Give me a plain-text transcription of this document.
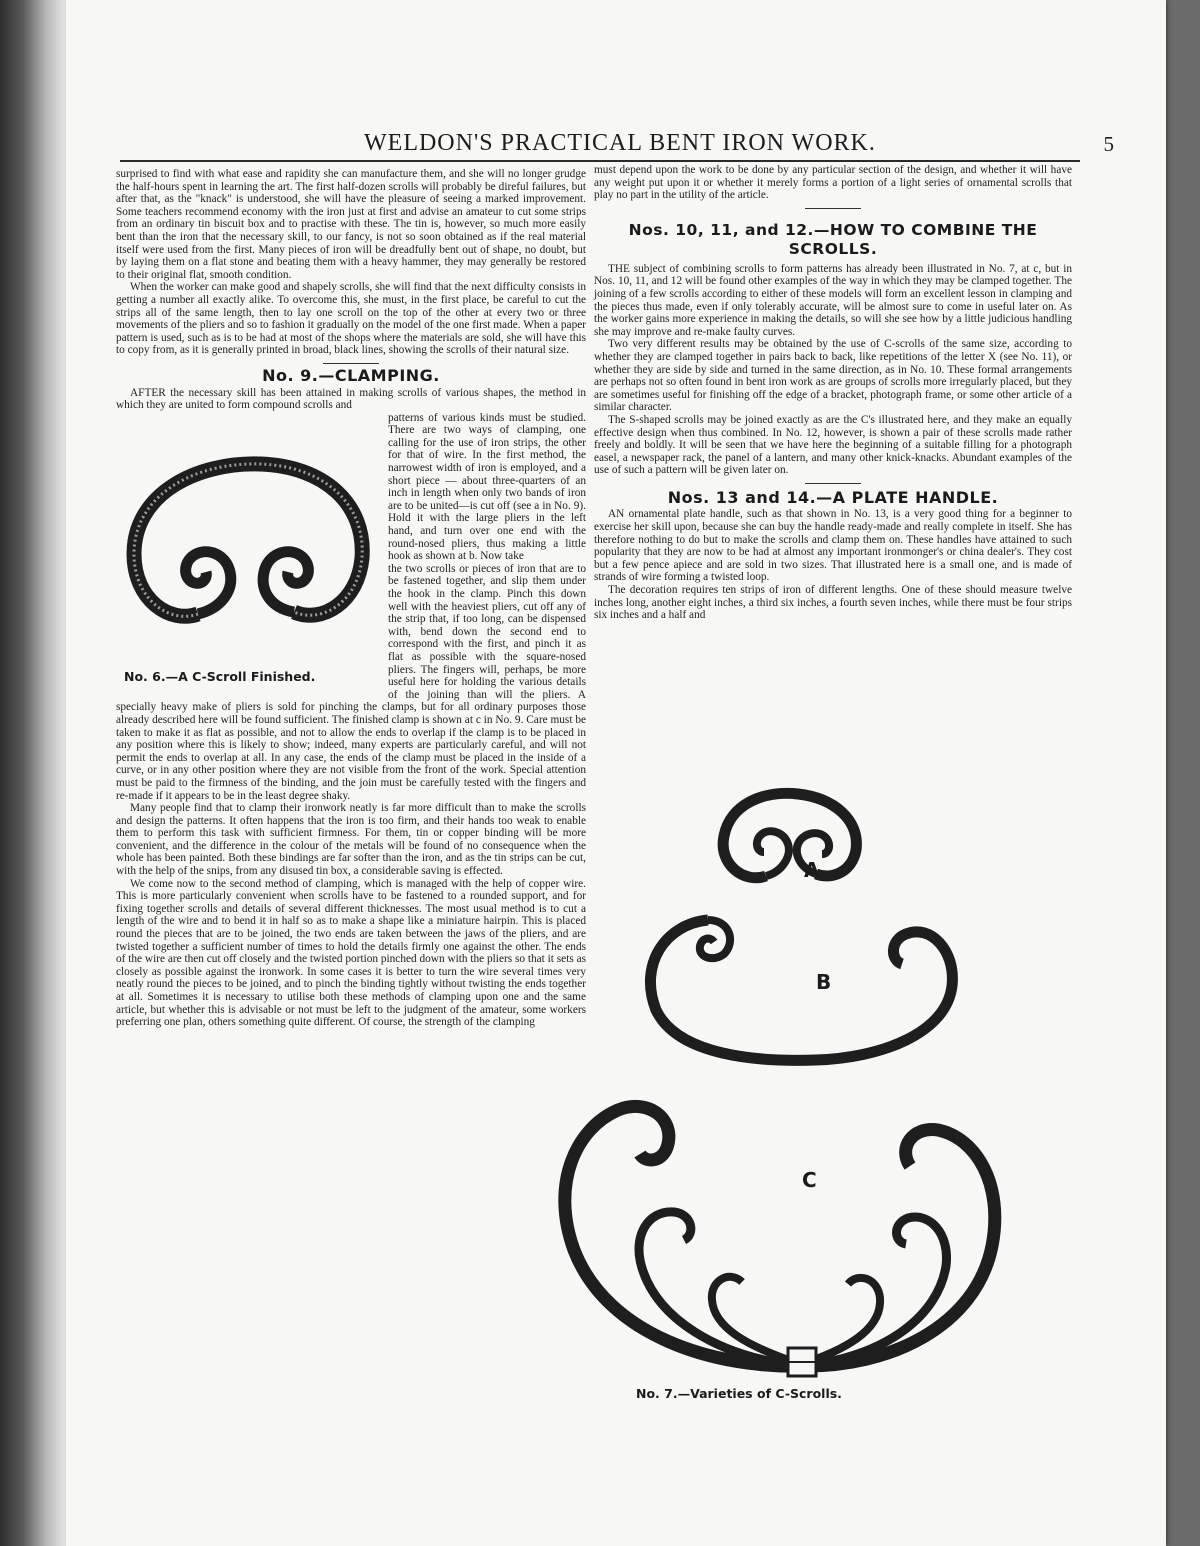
WELDON'S PRACTICAL BENT IRON WORK.	5

surprised to find with what ease and rapidity she can manufacture them, and she will no longer grudge the half-hours spent in learning the art. The first half-dozen scrolls will probably be direful failures, but after that, as the "knack" is understood, she will have the pleasure of seeing a marked improvement. Some teachers recommend economy with the iron just at first and advise an amateur to cut some strips from an ordinary tin biscuit box and to practise with these. The tin is, however, so much more easily bent than the iron that the necessary skill, to our fancy, is not so soon obtained as if the real material itself were used from the first. Many pieces of iron will be dreadfully bent out of shape, no doubt, but by laying them on a flat stone and beating them with a heavy hammer, they may generally be restored to their original flat, smooth condition.

When the worker can make good and shapely scrolls, she will find that the next difficulty consists in getting a number all exactly alike. To overcome this, she must, in the first place, be careful to cut the strips all of the same length, then to lay one scroll on the top of the other at every two or three movements of the pliers and so to fashion it gradually on the model of the one first made. When a paper pattern is used, such as is to be had at most of the shops where the materials are sold, she will have this to copy from, as it is generally printed in broad, black lines, showing the scrolls of their natural size.

No. 9.—CLAMPING.

AFTER the necessary skill has been attained in making scrolls of various shapes, the method in which they are united to form compound scrolls and

No. 6.—A C-Scroll Finished.

patterns of various kinds must be studied. There are two ways of clamping, one calling for the use of iron strips, the other for that of wire. In the first method, the narrowest width of iron is employed, and a short piece — about three-quarters of an inch in length when only two bands of iron are to be united—is cut off (see a in No. 9). Hold it with the large pliers in the left hand, and turn over one end with the round-nosed pliers, thus making a little hook as shown at b. Now take

the two scrolls or pieces of iron that are to be fastened together, and slip them under the hook in the clamp. Pinch this down well with the heaviest pliers, cut off any of the strip that, if too long, can be dispensed with, bend down the second end to correspond with the first, and pinch it as flat as possible with the square-nosed pliers. The fingers will, perhaps, be more useful here for holding the various details of the joining than will the pliers. A specially heavy make of pliers is sold for pinching the clamps, but for all ordinary purposes those already described here will be found sufficient. The finished clamp is shown at c in No. 9. Care must be taken to make it as flat as possible, and not to allow the ends to overlap if the clamp is to be placed in any position where this is likely to show; indeed, many experts are particularly careful, and will not permit the ends to overlap at all. In any case, the ends of the clamp must be placed in the inside of a curve, or in any other position where they are not visible from the front of the work. Special attention must be paid to the firmness of the binding, and the join must be carefully tested with the fingers and re-made if it appears to be in the least degree shaky.

Many people find that to clamp their ironwork neatly is far more difficult than to make the scrolls and design the patterns. It often happens that the iron is too firm, and their hands too weak to enable them to perform this task with sufficient firmness. For them, tin or copper binding will be more convenient, and the difference in the colour of the metals will be found of no consequence when the whole has been painted. Both these bindings are far softer than the iron, and as the tin strips can be cut, with the help of the snips, from any disused tin box, a considerable saving is effected.

We come now to the second method of clamping, which is managed with the help of copper wire. This is more particularly convenient when scrolls have to be fastened to a rounded support, and for fixing together scrolls and details of several different thicknesses. The most usual method is to cut a length of the wire and to bend it in half so as to make a shape like a miniature hairpin. This is placed round the pieces that are to be joined, the two ends are taken between the jaws of the pliers, and are twisted together a sufficient number of times to hold the details firmly one against the other. The ends of the wire are then cut off closely and the twisted portion pinched down with the pliers so that it sets as closely as possible against the ironwork. In some cases it is better to turn the wire several times very neatly round the pieces to be joined, and to pinch the binding tightly without twisting the ends together at all. Sometimes it is necessary to utilise both these methods of clamping upon one and the same article, but whether this is advisable or not must be left to the judgment of the amateur, some workers preferring one plan, others something quite different. Of course, the strength of the clamping

must depend upon the work to be done by any particular section of the design, and whether it will have any weight put upon it or whether it merely forms a portion of a light series of ornamental scrolls that play no part in the utility of the article.

Nos. 10, 11, and 12.—HOW TO COMBINE THE SCROLLS.

THE subject of combining scrolls to form patterns has already been illustrated in No. 7, at c, but in Nos. 10, 11, and 12 will be found other examples of the way in which they may be clamped together. The joining of a few scrolls according to either of these models will form an excellent lesson in clamping and the pieces thus made, even if only tolerably accurate, will be almost sure to come in useful later on. As the worker gains more experience in making the details, so will she see how by a little judicious handling she may improve and re-make faulty curves.

Two very different results may be obtained by the use of C-scrolls of the same size, according to whether they are clamped together in pairs back to back, like repetitions of the letter X (see No. 11), or whether they are side by side and turned in the same direction, as in No. 10. These formal arrangements are perhaps not so often found in bent iron work as are groups of scrolls more irregularly placed, but they are sometimes useful for finishing off the edge of a bracket, photograph frame, or some other article of a similar character.

The S-shaped scrolls may be joined exactly as are the C's illustrated here, and they make an equally effective design when thus combined. In No. 12, however, is shown a pair of these scrolls made rather freely and boldly. It will be seen that we have here the beginning of a suitable filling for a photograph easel, a newspaper rack, the panel of a lantern, and many other knick-knacks. Abundant examples of the use of such a pattern will be given later on.

Nos. 13 and 14.—A PLATE HANDLE.

AN ornamental plate handle, such as that shown in No. 13, is a very good thing for a beginner to exercise her skill upon, because she can buy the handle ready-made and really complete in itself. She has therefore nothing to do but to make the scrolls and clamp them on. These handles have attained to such popularity that they are now to be had at almost any important ironmonger's or china dealer's. They cost but a few pence apiece and are sold in two sizes. That illustrated here is a small one, and is made of strands of wire forming a twisted loop.

The decoration requires ten strips of iron of different lengths. One of these should measure twelve inches long, another eight inches, a third six inches, a fourth seven inches, while there must be four strips six inches and a half and

A
B
C
No. 7.—Varieties of C-Scrolls.
